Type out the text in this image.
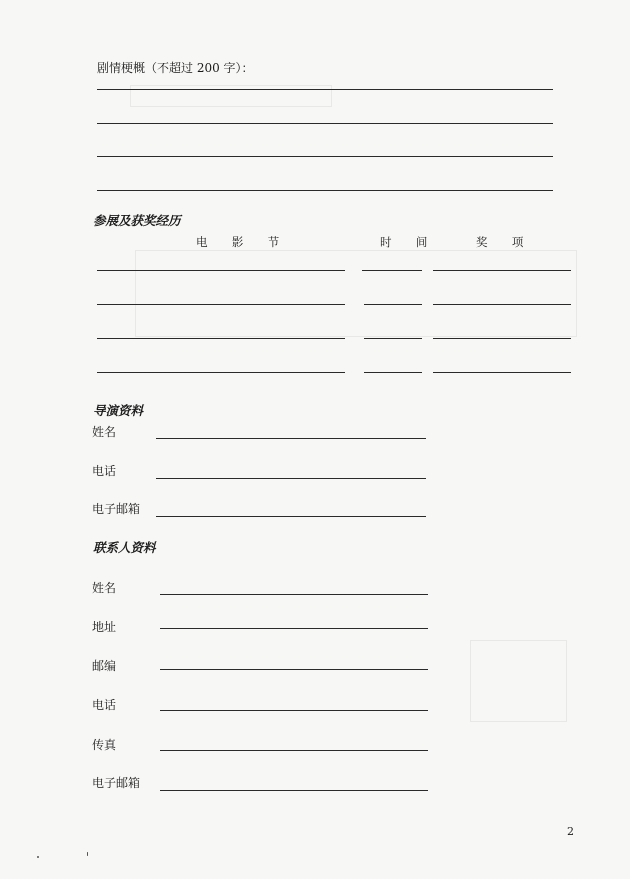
剧情梗概（不超过 200 字）：
参展及获奖经历
电 影 节	时 间	奖 项
导演资料
姓名
电话
电子邮箱
联系人资料
姓名
地址
邮编
电话
传真
电子邮箱
2
